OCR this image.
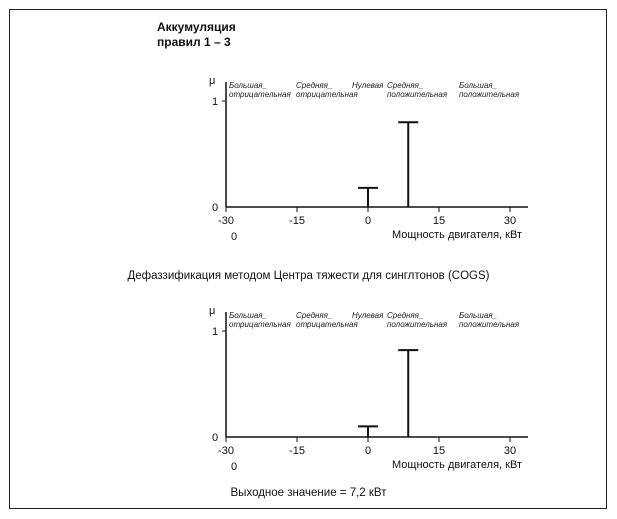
Аккумуляция
правил 1 – 3
Дефаззификация методом Центра тяжести для синглтонов (COGS)
Выходное значение = 7,2 кВт
μ
1
0
-30	-15	0	15	30
Мощность двигателя, кВт
0
Большая_
отрицательная
Средняя_
отрицательная
Нулевая Средняя_
положительная
Большая_
положительная
μ
1
0
-30	-15	0	15	30
Мощность двигателя, кВт
0
Большая_
отрицательная
Средняя_
отрицательная
Нулевая Средняя_
положительная
Большая_
положительная
